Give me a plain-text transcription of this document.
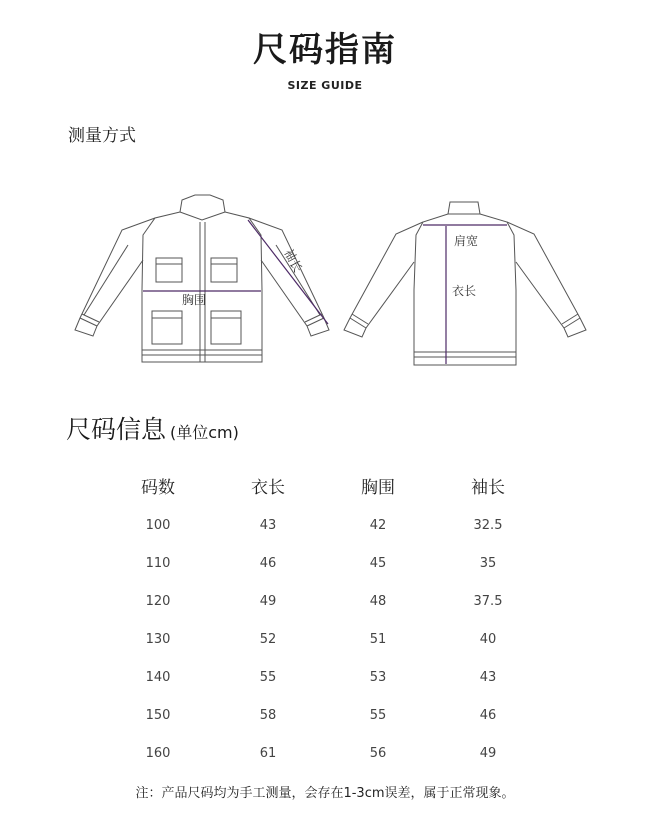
尺码指南
SIZE GUIDE
测量方式
胸围
袖长
肩宽
衣长
尺码信息 (单位cm)
码数	衣长	胸围	袖长
100	43	42	32.5
110	46	45	35
120	49	48	37.5
130	52	51	40
140	55	53	43
150	58	55	46
160	61	56	49
注：产品尺码均为手工测量，会存在1-3cm误差，属于正常现象。
